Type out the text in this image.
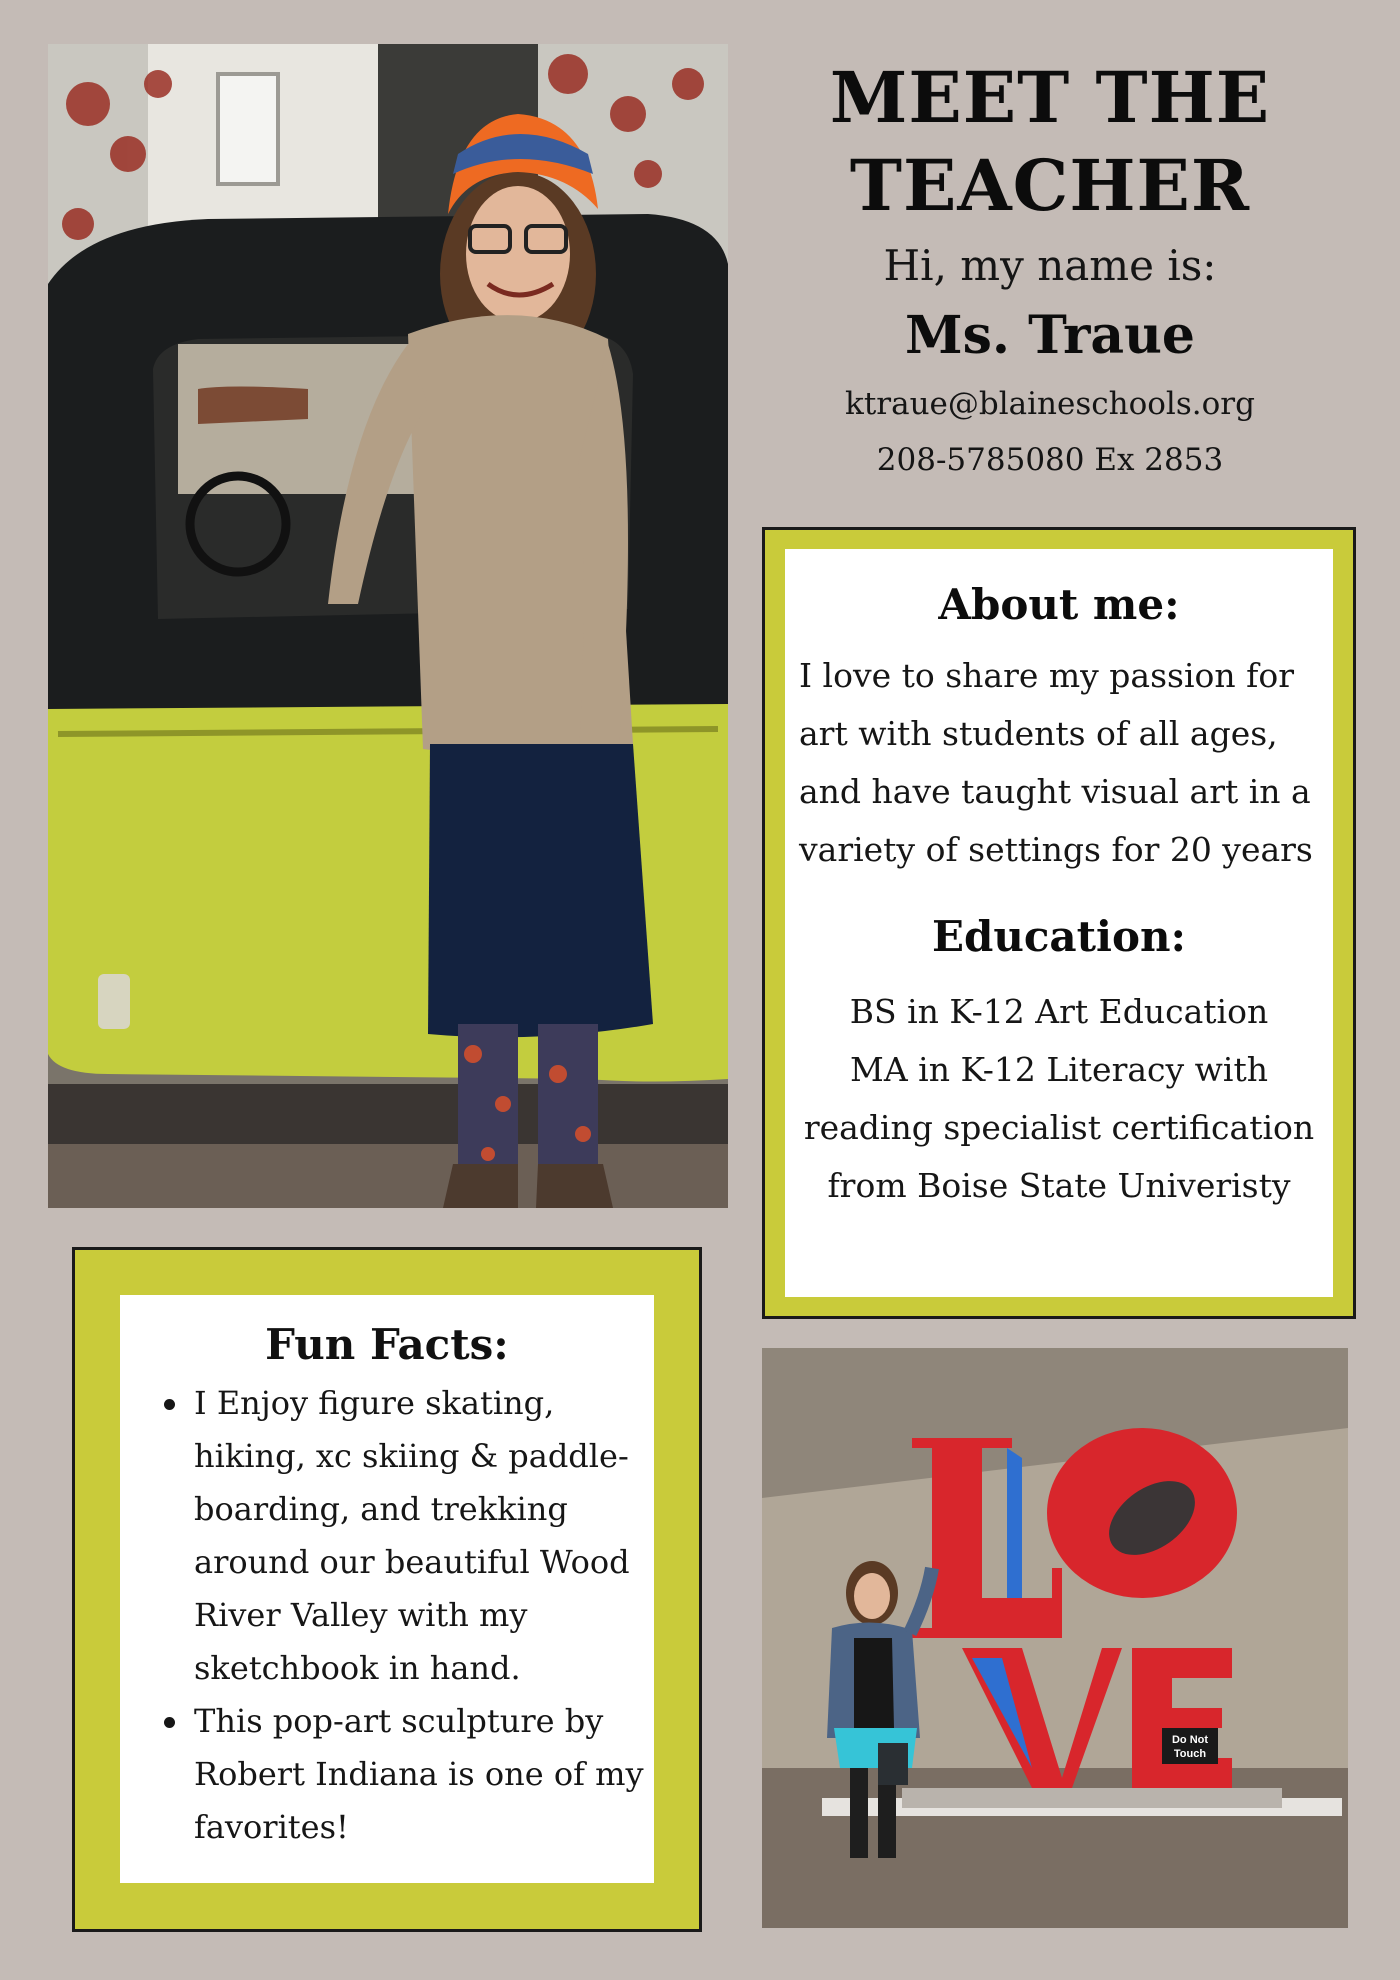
MEET THE
TEACHER
Hi, my name is:
Ms. Traue
ktraue@blaineschools.org
208-5785080 Ex 2853
About me:
I love to share my passion for
art with students of all ages,
and have taught visual art in a
variety of settings for 20 years
Education:
BS in K-12 Art Education
MA in K-12 Literacy with
reading specialist certification
from Boise State Univeristy
Fun Facts:
I Enjoy figure skating,
hiking, xc skiing & paddle-
boarding, and trekking
around our beautiful Wood
River Valley with my
sketchbook in hand.
This pop-art sculpture by
Robert Indiana is one of my
favorites!
Do Not
Touch
